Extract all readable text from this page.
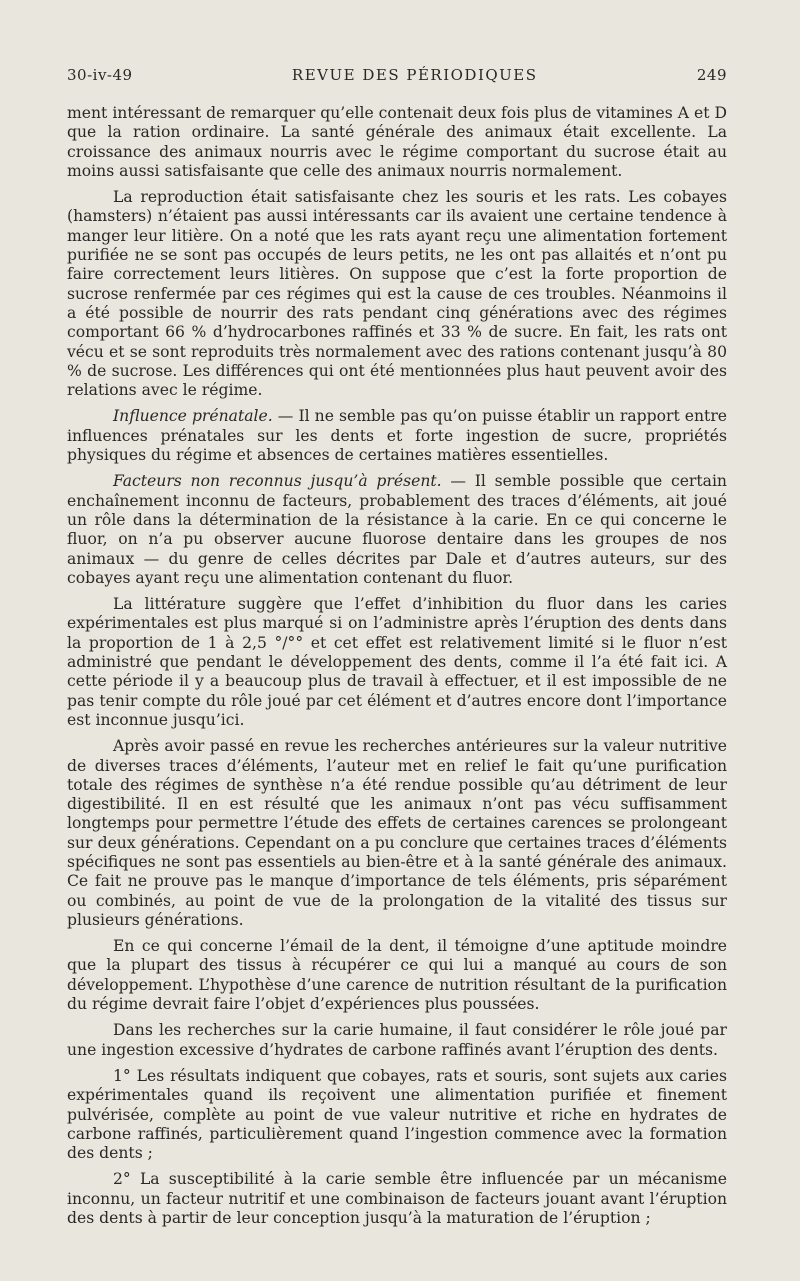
30-iv-49	REVUE DES PÉRIODIQUES	249

ment intéressant de remarquer qu’elle contenait deux fois plus de vitamines A et D que la ration ordinaire. La santé générale des animaux était excellente. La croissance des animaux nourris avec le régime comportant du sucrose était au moins aussi satisfaisante que celle des animaux nourris normalement.

La reproduction était satisfaisante chez les souris et les rats. Les cobayes (hamsters) n’étaient pas aussi intéressants car ils avaient une certaine tendence à manger leur litière. On a noté que les rats ayant reçu une alimentation fortement purifiée ne se sont pas occupés de leurs petits, ne les ont pas allaités et n’ont pu faire correctement leurs litières. On suppose que c’est la forte proportion de sucrose renfermée par ces régimes qui est la cause de ces troubles. Néanmoins il a été possible de nourrir des rats pendant cinq générations avec des régimes comportant 66 % d’hydrocarbones raffinés et 33 % de sucre. En fait, les rats ont vécu et se sont reproduits très normalement avec des rations contenant jusqu’à 80 % de sucrose. Les différences qui ont été mentionnées plus haut peuvent avoir des relations avec le régime.

Influence prénatale. — Il ne semble pas qu’on puisse établir un rapport entre influences prénatales sur les dents et forte ingestion de sucre, propriétés physiques du régime et absences de certaines matières essentielles.

Facteurs non reconnus jusqu’à présent. — Il semble possible que certain enchaînement inconnu de facteurs, probablement des traces d’éléments, ait joué un rôle dans la détermination de la résistance à la carie. En ce qui concerne le fluor, on n’a pu observer aucune fluorose dentaire dans les groupes de nos animaux — du genre de celles décrites par Dale et d’autres auteurs, sur des cobayes ayant reçu une alimentation contenant du fluor.

La littérature suggère que l’effet d’inhibition du fluor dans les caries expérimentales est plus marqué si on l’administre après l’éruption des dents dans la proportion de 1 à 2,5 °/°° et cet effet est relativement limité si le fluor n’est administré que pendant le développement des dents, comme il l’a été fait ici. A cette période il y a beaucoup plus de travail à effectuer, et il est impossible de ne pas tenir compte du rôle joué par cet élément et d’autres encore dont l’importance est inconnue jusqu’ici.

Après avoir passé en revue les recherches antérieures sur la valeur nutritive de diverses traces d’éléments, l’auteur met en relief le fait qu’une purification totale des régimes de synthèse n’a été rendue possible qu’au détriment de leur digestibilité. Il en est résulté que les animaux n’ont pas vécu suffisamment longtemps pour permettre l’étude des effets de certaines carences se prolongeant sur deux générations. Cependant on a pu conclure que certaines traces d’éléments spécifiques ne sont pas essentiels au bien-être et à la santé générale des animaux. Ce fait ne prouve pas le manque d’importance de tels éléments, pris séparément ou combinés, au point de vue de la prolongation de la vitalité des tissus sur plusieurs générations.

En ce qui concerne l’émail de la dent, il témoigne d’une aptitude moindre que la plupart des tissus à récupérer ce qui lui a manqué au cours de son développement. L’hypothèse d’une carence de nutrition résultant de la purification du régime devrait faire l’objet d’expériences plus poussées.

Dans les recherches sur la carie humaine, il faut considérer le rôle joué par une ingestion excessive d’hydrates de carbone raffinés avant l’éruption des dents.

1° Les résultats indiquent que cobayes, rats et souris, sont sujets aux caries expérimentales quand ils reçoivent une alimentation purifiée et finement pulvérisée, complète au point de vue valeur nutritive et riche en hydrates de carbone raffinés, particulièrement quand l’ingestion commence avec la formation des dents ;

2° La susceptibilité à la carie semble être influencée par un mécanisme inconnu, un facteur nutritif et une combinaison de facteurs jouant avant l’éruption des dents à partir de leur conception jusqu’à la maturation de l’éruption ;
